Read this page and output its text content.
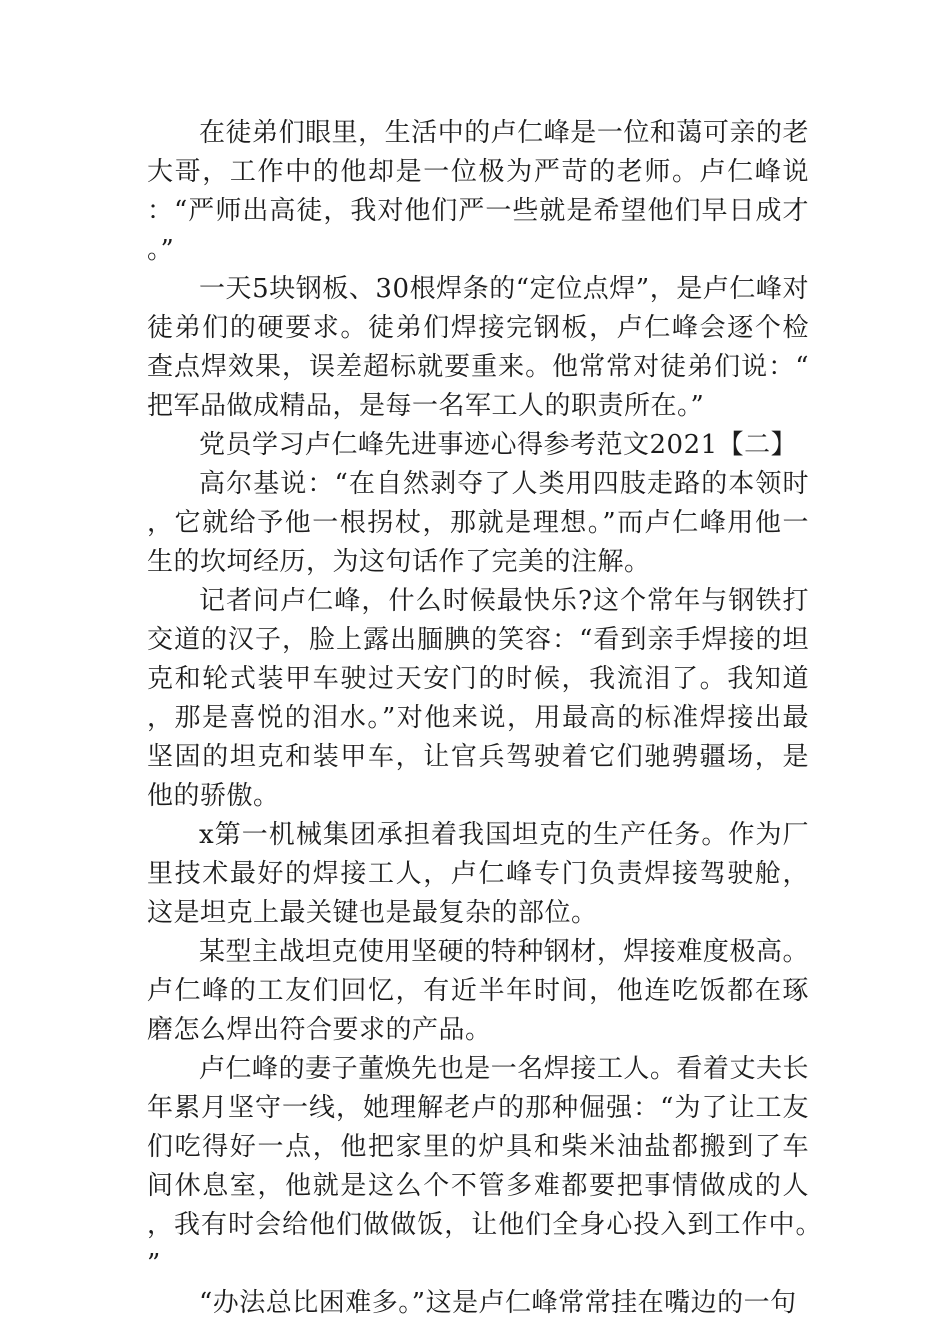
在徒弟们眼里，生活中的卢仁峰是一位和蔼可亲的老大哥，工作中的他却是一位极为严苛的老师。卢仁峰说：“严师出高徒，我对他们严一些就是希望他们早日成才。”

一天5块钢板、30根焊条的“定位点焊”，是卢仁峰对徒弟们的硬要求。徒弟们焊接完钢板，卢仁峰会逐个检查点焊效果，误差超标就要重来。他常常对徒弟们说：“把军品做成精品，是每一名军工人的职责所在。”

党员学习卢仁峰先进事迹心得参考范文2021【二】

高尔基说：“在自然剥夺了人类用四肢走路的本领时，它就给予他一根拐杖，那就是理想。”而卢仁峰用他一生的坎坷经历，为这句话作了完美的注解。

记者问卢仁峰，什么时候最快乐?这个常年与钢铁打交道的汉子，脸上露出腼腆的笑容：“看到亲手焊接的坦克和轮式装甲车驶过天安门的时候，我流泪了。我知道，那是喜悦的泪水。”对他来说，用最高的标准焊接出最坚固的坦克和装甲车，让官兵驾驶着它们驰骋疆场，是他的骄傲。

x第一机械集团承担着我国坦克的生产任务。作为厂里技术最好的焊接工人，卢仁峰专门负责焊接驾驶舱，这是坦克上最关键也是最复杂的部位。

某型主战坦克使用坚硬的特种钢材，焊接难度极高。卢仁峰的工友们回忆，有近半年时间，他连吃饭都在琢磨怎么焊出符合要求的产品。

卢仁峰的妻子董焕先也是一名焊接工人。看着丈夫长年累月坚守一线，她理解老卢的那种倔强：“为了让工友们吃得好一点，他把家里的炉具和柴米油盐都搬到了车间休息室，他就是这么个不管多难都要把事情做成的人，我有时会给他们做做饭，让他们全身心投入到工作中。”

“办法总比困难多。”这是卢仁峰常常挂在嘴边的一句
